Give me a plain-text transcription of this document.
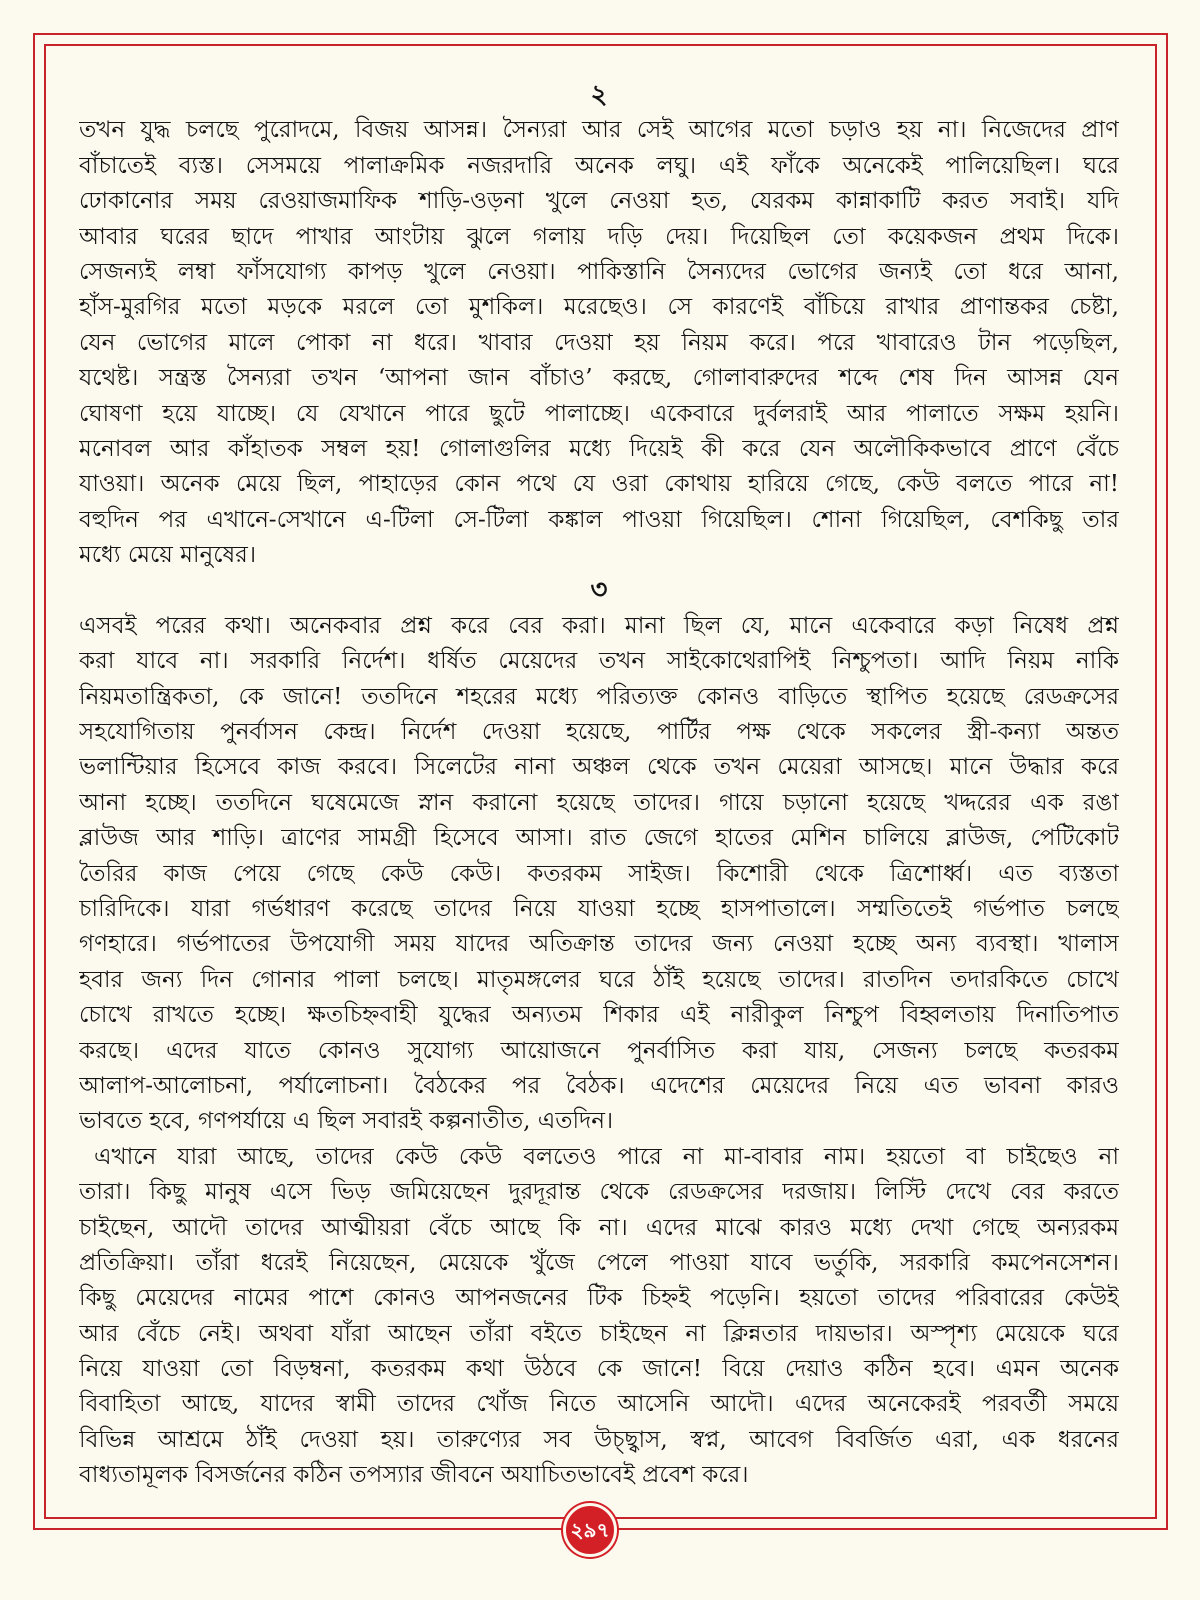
২
তখন যুদ্ধ চলছে পুরোদমে, বিজয় আসন্ন। সৈন্যরা আর সেই আগের মতো চড়াও হয় না। নিজেদের প্রাণ
বাঁচাতেই ব্যস্ত। সেসময়ে পালাক্রমিক নজরদারি অনেক লঘু। এই ফাঁকে অনেকেই পালিয়েছিল। ঘরে
ঢোকানোর সময় রেওয়াজমাফিক শাড়ি-ওড়না খুলে নেওয়া হত, যেরকম কান্নাকাটি করত সবাই। যদি
আবার ঘরের ছাদে পাখার আংটায় ঝুলে গলায় দড়ি দেয়। দিয়েছিল তো কয়েকজন প্রথম দিকে।
সেজন্যই লম্বা ফাঁসযোগ্য কাপড় খুলে নেওয়া। পাকিস্তানি সৈন্যদের ভোগের জন্যই তো ধরে আনা,
হাঁস-মুরগির মতো মড়কে মরলে তো মুশকিল। মরেছেও। সে কারণেই বাঁচিয়ে রাখার প্রাণান্তকর চেষ্টা,
যেন ভোগের মালে পোকা না ধরে। খাবার দেওয়া হয় নিয়ম করে। পরে খাবারেও টান পড়েছিল,
যথেষ্ট। সন্ত্রস্ত সৈন্যরা তখন ‘আপনা জান বাঁচাও’ করছে, গোলাবারুদের শব্দে শেষ দিন আসন্ন যেন
ঘোষণা হয়ে যাচ্ছে। যে যেখানে পারে ছুটে পালাচ্ছে। একেবারে দুর্বলরাই আর পালাতে সক্ষম হয়নি।
মনোবল আর কাঁহাতক সম্বল হয়! গোলাগুলির মধ্যে দিয়েই কী করে যেন অলৌকিকভাবে প্রাণে বেঁচে
যাওয়া। অনেক মেয়ে ছিল, পাহাড়ের কোন পথে যে ওরা কোথায় হারিয়ে গেছে, কেউ বলতে পারে না!
বহুদিন পর এখানে-সেখানে এ-টিলা সে-টিলা কঙ্কাল পাওয়া গিয়েছিল। শোনা গিয়েছিল, বেশকিছু তার
মধ্যে মেয়ে মানুষের।
৩
এসবই পরের কথা। অনেকবার প্রশ্ন করে বের করা। মানা ছিল যে, মানে একেবারে কড়া নিষেধ প্রশ্ন
করা যাবে না। সরকারি নির্দেশ। ধর্ষিত মেয়েদের তখন সাইকোথেরাপিই নিশ্চুপতা। আদি নিয়ম নাকি
নিয়মতান্ত্রিকতা, কে জানে! ততদিনে শহরের মধ্যে পরিত্যক্ত কোনও বাড়িতে স্থাপিত হয়েছে রেডক্রসের
সহযোগিতায় পুনর্বাসন কেন্দ্র। নির্দেশ দেওয়া হয়েছে, পার্টির পক্ষ থেকে সকলের স্ত্রী-কন্যা অন্তত
ভলান্টিয়ার হিসেবে কাজ করবে। সিলেটের নানা অঞ্চল থেকে তখন মেয়েরা আসছে। মানে উদ্ধার করে
আনা হচ্ছে। ততদিনে ঘষেমেজে স্নান করানো হয়েছে তাদের। গায়ে চড়ানো হয়েছে খদ্দরের এক রঙা
ব্লাউজ আর শাড়ি। ত্রাণের সামগ্রী হিসেবে আসা। রাত জেগে হাতের মেশিন চালিয়ে ব্লাউজ, পেটিকোট
তৈরির কাজ পেয়ে গেছে কেউ কেউ। কতরকম সাইজ। কিশোরী থেকে ত্রিশোর্ধ্ব। এত ব্যস্ততা
চারিদিকে। যারা গর্ভধারণ করেছে তাদের নিয়ে যাওয়া হচ্ছে হাসপাতালে। সম্মতিতেই গর্ভপাত চলছে
গণহারে। গর্ভপাতের উপযোগী সময় যাদের অতিক্রান্ত তাদের জন্য নেওয়া হচ্ছে অন্য ব্যবস্থা। খালাস
হবার জন্য দিন গোনার পালা চলছে। মাতৃমঙ্গলের ঘরে ঠাঁই হয়েছে তাদের। রাতদিন তদারকিতে চোখে
চোখে রাখতে হচ্ছে। ক্ষতচিহ্নবাহী যুদ্ধের অন্যতম শিকার এই নারীকুল নিশ্চুপ বিহ্বলতায় দিনাতিপাত
করছে। এদের যাতে কোনও সুযোগ্য আয়োজনে পুনর্বাসিত করা যায়, সেজন্য চলছে কতরকম
আলাপ-আলোচনা, পর্যালোচনা। বৈঠকের পর বৈঠক। এদেশের মেয়েদের নিয়ে এত ভাবনা কারও
ভাবতে হবে, গণপর্যায়ে এ ছিল সবারই কল্পনাতীত, এতদিন।
এখানে যারা আছে, তাদের কেউ কেউ বলতেও পারে না মা-বাবার নাম। হয়তো বা চাইছেও না
তারা। কিছু মানুষ এসে ভিড় জমিয়েছেন দুরদূরান্ত থেকে রেডক্রসের দরজায়। লিস্টি দেখে বের করতে
চাইছেন, আদৌ তাদের আত্মীয়রা বেঁচে আছে কি না। এদের মাঝে কারও মধ্যে দেখা গেছে অন্যরকম
প্রতিক্রিয়া। তাঁরা ধরেই নিয়েছেন, মেয়েকে খুঁজে পেলে পাওয়া যাবে ভর্তুকি, সরকারি কমপেনসেশন।
কিছু মেয়েদের নামের পাশে কোনও আপনজনের টিক চিহ্নই পড়েনি। হয়তো তাদের পরিবারের কেউই
আর বেঁচে নেই। অথবা যাঁরা আছেন তাঁরা বইতে চাইছেন না ক্লিন্নতার দায়ভার। অস্পৃশ্য মেয়েকে ঘরে
নিয়ে যাওয়া তো বিড়ম্বনা, কতরকম কথা উঠবে কে জানে! বিয়ে দেয়াও কঠিন হবে। এমন অনেক
বিবাহিতা আছে, যাদের স্বামী তাদের খোঁজ নিতে আসেনি আদৌ। এদের অনেকেরই পরবর্তী সময়ে
বিভিন্ন আশ্রমে ঠাঁই দেওয়া হয়। তারুণ্যের সব উচ্ছ্বাস, স্বপ্ন, আবেগ বিবর্জিত এরা, এক ধরনের
বাধ্যতামূলক বিসর্জনের কঠিন তপস্যার জীবনে অযাচিতভাবেই প্রবেশ করে।
২৯৭
